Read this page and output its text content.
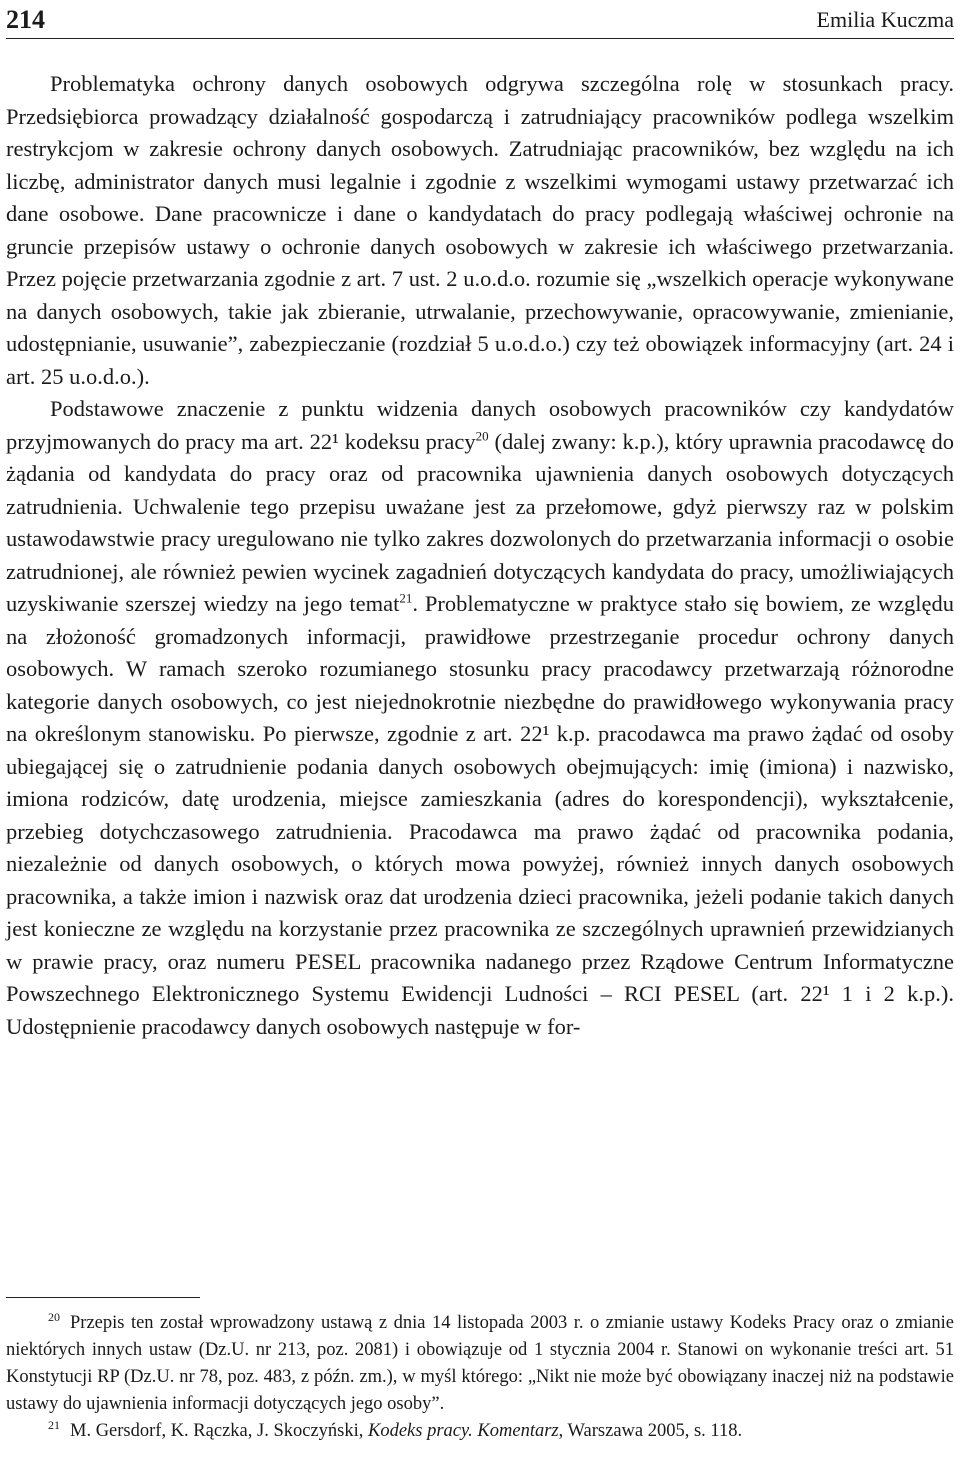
214	Emilia Kuczma

Problematyka ochrony danych osobowych odgrywa szczególna rolę w stosunkach pracy. Przedsiębiorca prowadzący działalność gospodarczą i zatrudniający pracowników podlega wszelkim restrykcjom w zakresie ochrony danych osobowych. Zatrudniając pracowników, bez względu na ich liczbę, administrator danych musi legalnie i zgodnie z wszelkimi wymogami ustawy przetwarzać ich dane osobowe. Dane pracownicze i dane o kandydatach do pracy podlegają właściwej ochronie na gruncie przepisów ustawy o ochronie danych osobowych w zakresie ich właściwego przetwarzania. Przez pojęcie przetwarzania zgodnie z art. 7 ust. 2 u.o.d.o. rozumie się „wszelkich operacje wykonywane na danych osobowych, takie jak zbieranie, utrwalanie, przechowywanie, opracowywanie, zmienianie, udostępnianie, usuwanie”, zabezpieczanie (rozdział 5 u.o.d.o.) czy też obowiązek informacyjny (art. 24 i art. 25 u.o.d.o.).

Podstawowe znaczenie z punktu widzenia danych osobowych pracowników czy kandydatów przyjmowanych do pracy ma art. 22¹ kodeksu pracy$^{20}$ (dalej zwany: k.p.), który uprawnia pracodawcę do żądania od kandydata do pracy oraz od pracownika ujawnienia danych osobowych dotyczących zatrudnienia. Uchwalenie tego przepisu uważane jest za przełomowe, gdyż pierwszy raz w polskim ustawodawstwie pracy uregulowano nie tylko zakres dozwolonych do przetwarzania informacji o osobie zatrudnionej, ale również pewien wycinek zagadnień dotyczących kandydata do pracy, umożliwiających uzyskiwanie szerszej wiedzy na jego temat$^{21}$. Problematyczne w praktyce stało się bowiem, ze względu na złożoność gromadzonych informacji, prawidłowe przestrzeganie procedur ochrony danych osobowych. W ramach szeroko rozumianego stosunku pracy pracodawcy przetwarzają różnorodne kategorie danych osobowych, co jest niejednokrotnie niezbędne do prawidłowego wykonywania pracy na określonym stanowisku. Po pierwsze, zgodnie z art. 22¹ k.p. pracodawca ma prawo żądać od osoby ubiegającej się o zatrudnienie podania danych osobowych obejmujących: imię (imiona) i nazwisko, imiona rodziców, datę urodzenia, miejsce zamieszkania (adres do korespondencji), wykształcenie, przebieg dotychczasowego zatrudnienia. Pracodawca ma prawo żądać od pracownika podania, niezależnie od danych osobowych, o których mowa powyżej, również innych danych osobowych pracownika, a także imion i nazwisk oraz dat urodzenia dzieci pracownika, jeżeli podanie takich danych jest konieczne ze względu na korzystanie przez pracownika ze szczególnych uprawnień przewidzianych w prawie pracy, oraz numeru PESEL pracownika nadanego przez Rządowe Centrum Informatyczne Powszechnego Elektronicznego Systemu Ewidencji Ludności – RCI PESEL (art. 22¹ 1 i 2 k.p.). Udostępnienie pracodawcy danych osobowych następuje w for-

$^{20}$ Przepis ten został wprowadzony ustawą z dnia 14 listopada 2003 r. o zmianie ustawy Kodeks Pracy oraz o zmianie niektórych innych ustaw (Dz.U. nr 213, poz. 2081) i obowiązuje od 1 stycznia 2004 r. Stanowi on wykonanie treści art. 51 Konstytucji RP (Dz.U. nr 78, poz. 483, z późn. zm.), w myśl którego: „Nikt nie może być obowiązany inaczej niż na podstawie ustawy do ujawnienia informacji dotyczących jego osoby”.

$^{21}$ M. Gersdorf, K. Rączka, J. Skoczyński, Kodeks pracy. Komentarz, Warszawa 2005, s. 118.
